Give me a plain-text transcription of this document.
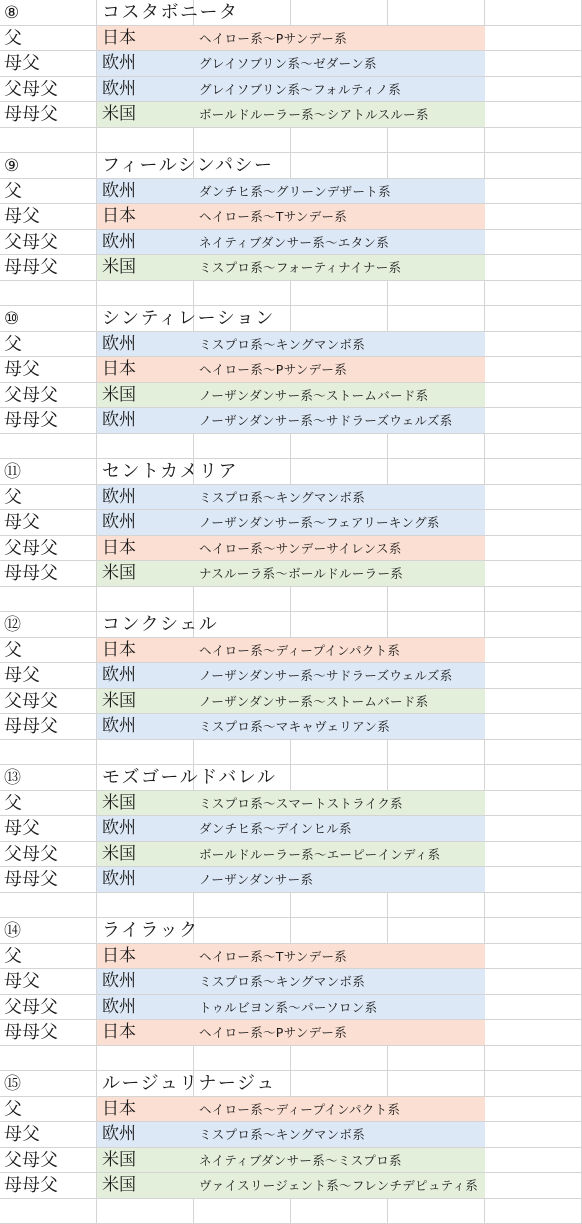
⑧	コスタボニータ
父	日本	ヘイロー系〜Pサンデー系
母父	欧州	グレイソブリン系〜ゼダーン系
父母父	欧州	グレイソブリン系〜フォルティノ系
母母父	米国	ボールドルーラー系〜シアトルスルー系
⑨	フィールシンパシー
父	欧州	ダンチヒ系〜グリーンデザート系
母父	日本	ヘイロー系〜Tサンデー系
父母父	欧州	ネイティブダンサー系〜エタン系
母母父	米国	ミスプロ系〜フォーティナイナー系
⑩	シンティレーション
父	欧州	ミスプロ系〜キングマンボ系
母父	日本	ヘイロー系〜Pサンデー系
父母父	米国	ノーザンダンサー系〜ストームバード系
母母父	欧州	ノーザンダンサー系〜サドラーズウェルズ系
⑪	セントカメリア
父	欧州	ミスプロ系〜キングマンボ系
母父	欧州	ノーザンダンサー系〜フェアリーキング系
父母父	日本	ヘイロー系〜サンデーサイレンス系
母母父	米国	ナスルーラ系〜ボールドルーラー系
⑫	コンクシェル
父	日本	ヘイロー系〜ディープインパクト系
母父	欧州	ノーザンダンサー系〜サドラーズウェルズ系
父母父	米国	ノーザンダンサー系〜ストームバード系
母母父	欧州	ミスプロ系〜マキャヴェリアン系
⑬	モズゴールドバレル
父	米国	ミスプロ系〜スマートストライク系
母父	欧州	ダンチヒ系〜デインヒル系
父母父	米国	ボールドルーラー系〜エーピーインディ系
母母父	欧州	ノーザンダンサー系
⑭	ライラック
父	日本	ヘイロー系〜Tサンデー系
母父	欧州	ミスプロ系〜キングマンボ系
父母父	欧州	トゥルビヨン系〜パーソロン系
母母父	日本	ヘイロー系〜Pサンデー系
⑮	ルージュリナージュ
父	日本	ヘイロー系〜ディープインパクト系
母父	欧州	ミスプロ系〜キングマンボ系
父母父	米国	ネイティブダンサー系〜ミスプロ系
母母父	米国	ヴァイスリージェント系〜フレンチデピュティ系
